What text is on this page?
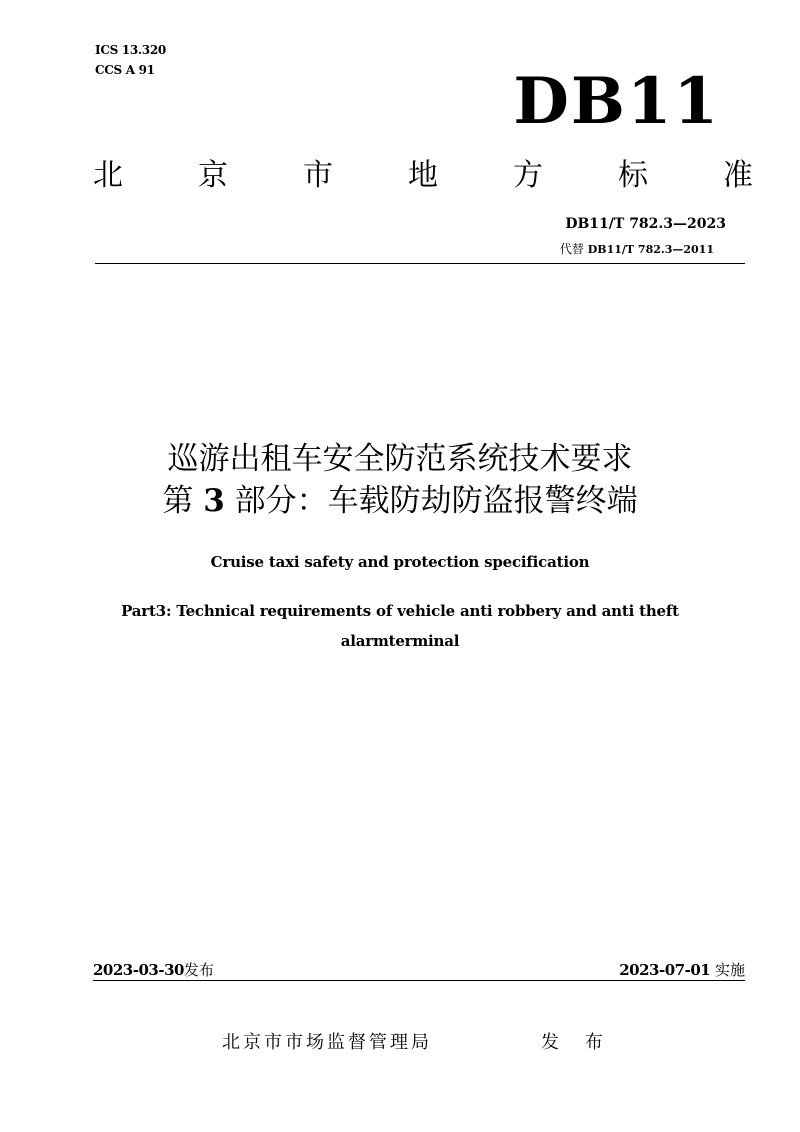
ICS 13.320
CCS A 91	DB11
北	京	市	地	方	标	准
DB11/T 782.3—2023
代替 DB11/T 782.3—2011
巡游出租车安全防范系统技术要求
第 3 部分：车载防劫防盗报警终端
Cruise taxi safety and protection specification
Part3: Technical requirements of vehicle anti robbery and anti theft
alarmterminal
2023-03-30发布	2023-07-01 实施
北京市市场监督管理局	发 布
